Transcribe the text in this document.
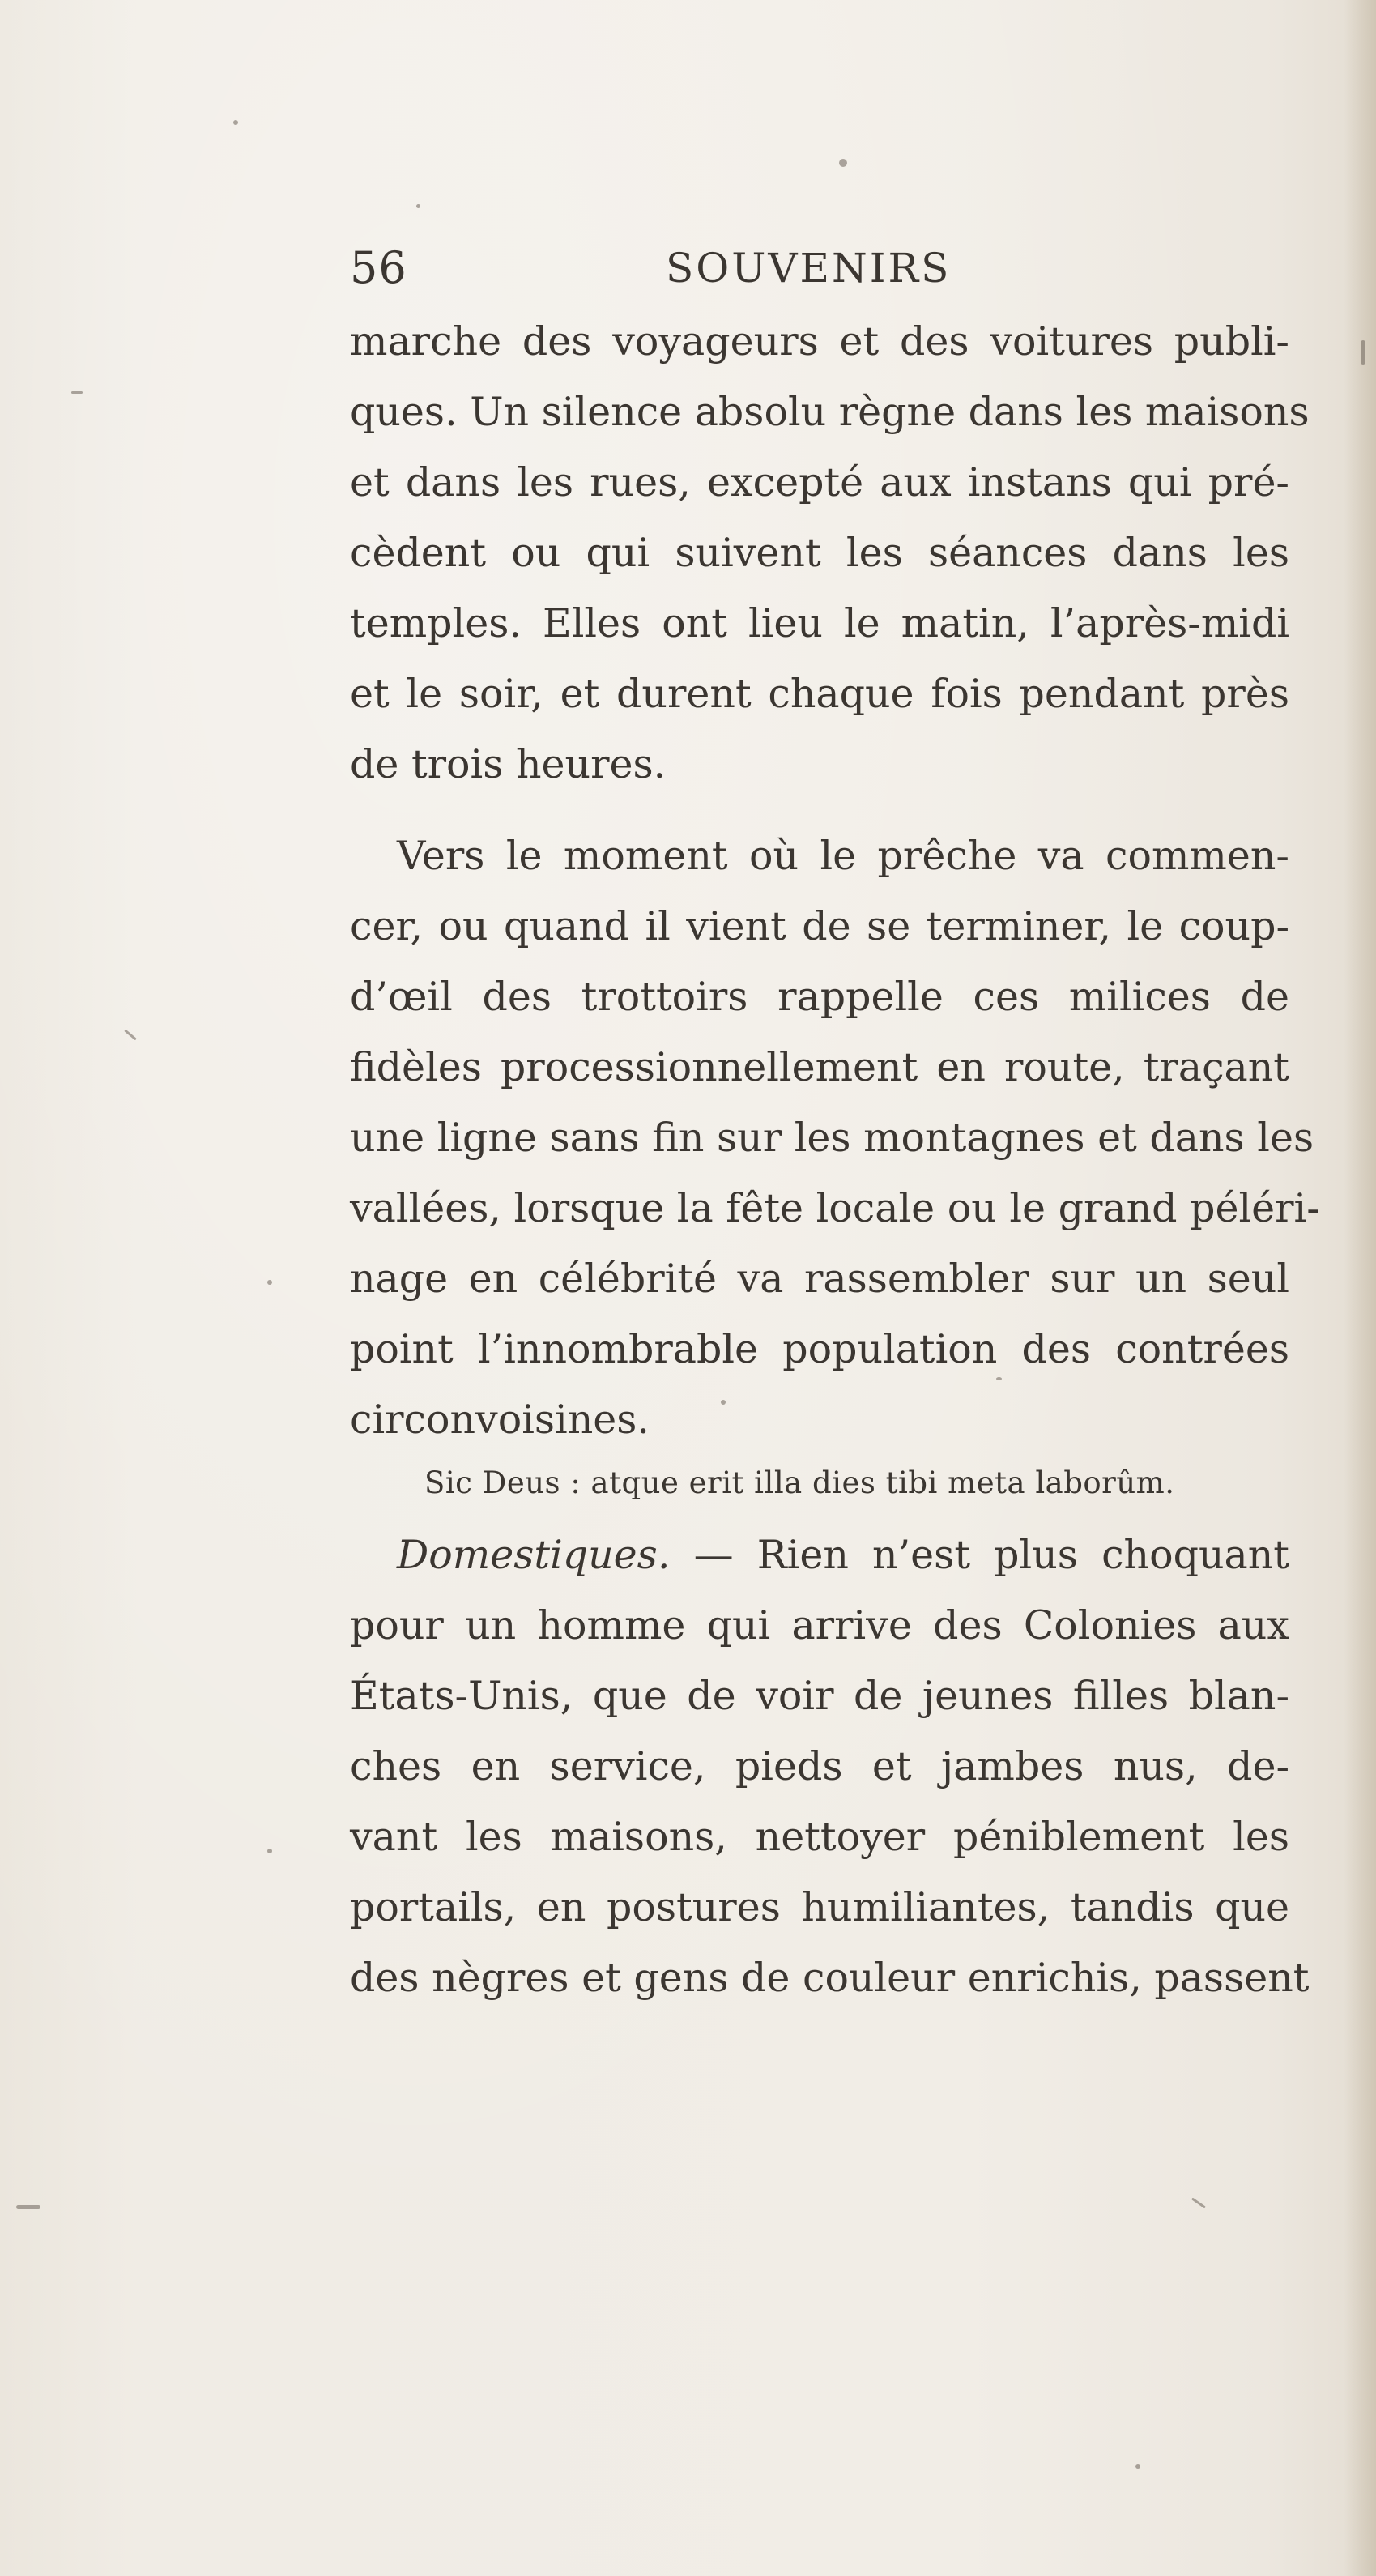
56	SOUVENIRS
marche des voyageurs et des voitures publi-
ques. Un silence absolu règne dans les maisons
et dans les rues, excepté aux instans qui pré-
cèdent ou qui suivent les séances dans les
temples. Elles ont lieu le matin, l’après-midi
et le soir, et durent chaque fois pendant près
de trois heures.
Vers le moment où le prêche va commen-
cer, ou quand il vient de se terminer, le coup-
d’œil des trottoirs rappelle ces milices de
fidèles processionnellement en route, traçant
une ligne sans fin sur les montagnes et dans les
vallées, lorsque la fête locale ou le grand péléri-
nage en célébrité va rassembler sur un seul
point l’innombrable population des contrées
circonvoisines.
Sic Deus : atque erit illa dies tibi meta laborûm.
Domestiques. — Rien n’est plus choquant
pour un homme qui arrive des Colonies aux
États-Unis, que de voir de jeunes filles blan-
ches en service, pieds et jambes nus, de-
vant les maisons, nettoyer péniblement les
portails, en postures humiliantes, tandis que
des nègres et gens de couleur enrichis, passent
